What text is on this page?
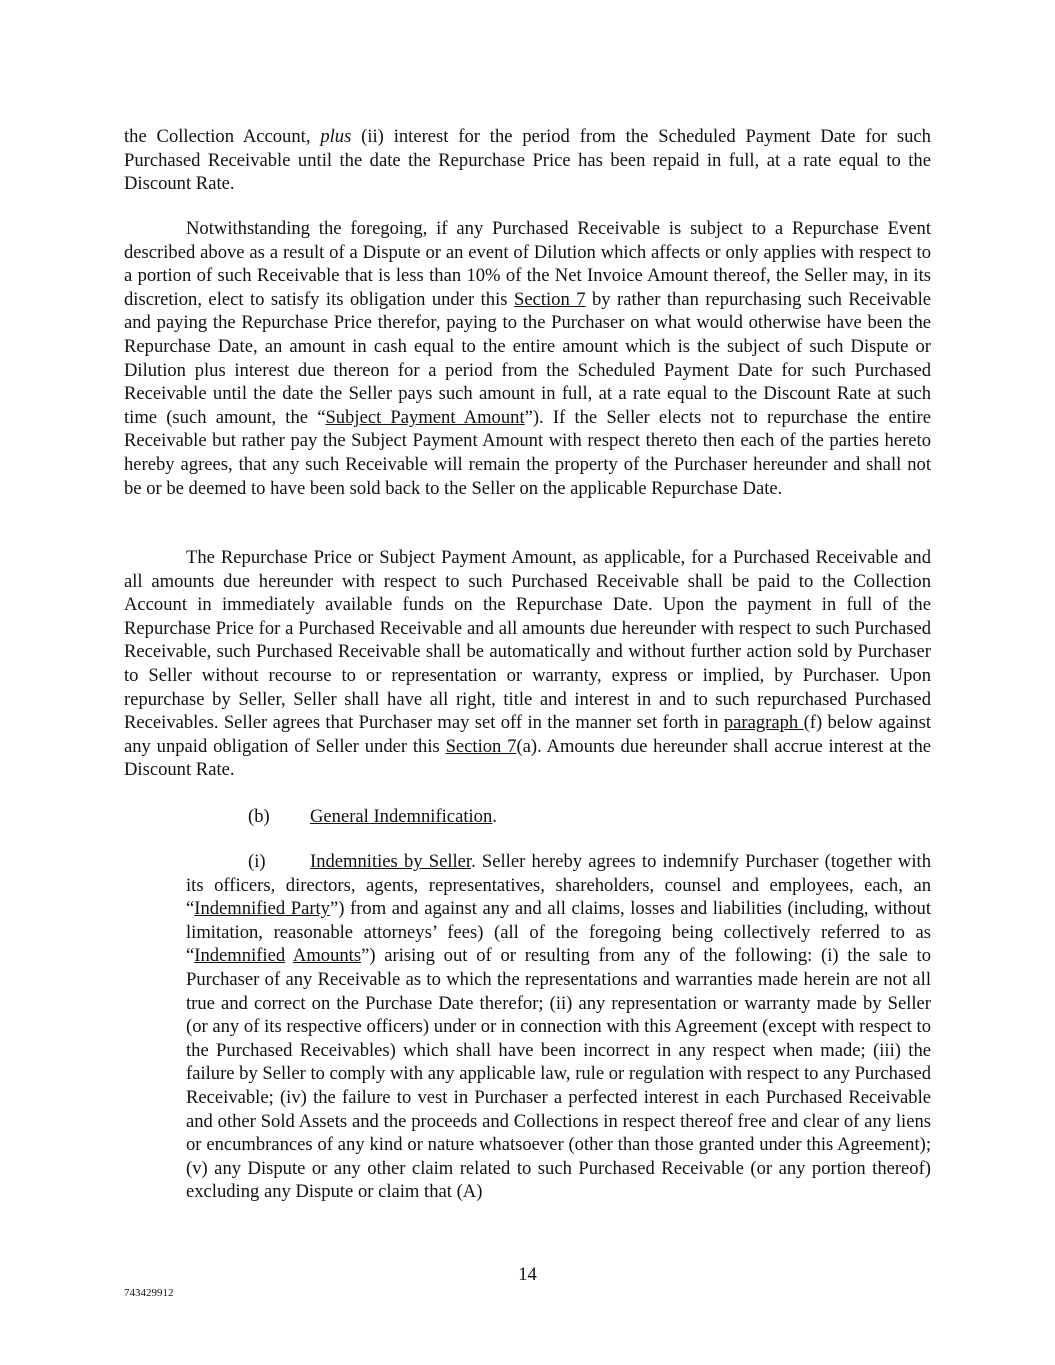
the Collection Account, plus (ii) interest for the period from the Scheduled Payment Date for such Purchased Receivable until the date the Repurchase Price has been repaid in full, at a rate equal to the Discount Rate.

Notwithstanding the foregoing, if any Purchased Receivable is subject to a Repurchase Event described above as a result of a Dispute or an event of Dilution which affects or only applies with respect to a portion of such Receivable that is less than 10% of the Net Invoice Amount thereof, the Seller may, in its discretion, elect to satisfy its obligation under this Section 7 by rather than repurchasing such Receivable and paying the Repurchase Price therefor, paying to the Purchaser on what would otherwise have been the Repurchase Date, an amount in cash equal to the entire amount which is the subject of such Dispute or Dilution plus interest due thereon for a period from the Scheduled Payment Date for such Purchased Receivable until the date the Seller pays such amount in full, at a rate equal to the Discount Rate at such time (such amount, the “Subject Payment Amount”). If the Seller elects not to repurchase the entire Receivable but rather pay the Subject Payment Amount with respect thereto then each of the parties hereto hereby agrees, that any such Receivable will remain the property of the Purchaser hereunder and shall not be or be deemed to have been sold back to the Seller on the applicable Repurchase Date.

The Repurchase Price or Subject Payment Amount, as applicable, for a Purchased Receivable and all amounts due hereunder with respect to such Purchased Receivable shall be paid to the Collection Account in immediately available funds on the Repurchase Date. Upon the payment in full of the Repurchase Price for a Purchased Receivable and all amounts due hereunder with respect to such Purchased Receivable, such Purchased Receivable shall be automatically and without further action sold by Purchaser to Seller without recourse to or representation or warranty, express or implied, by Purchaser. Upon repurchase by Seller, Seller shall have all right, title and interest in and to such repurchased Purchased Receivables. Seller agrees that Purchaser may set off in the manner set forth in paragraph (f) below against any unpaid obligation of Seller under this Section 7(a). Amounts due hereunder shall accrue interest at the Discount Rate.

(b) General Indemnification.

(i) Indemnities by Seller. Seller hereby agrees to indemnify Purchaser (together with its officers, directors, agents, representatives, shareholders, counsel and employees, each, an “Indemnified Party”) from and against any and all claims, losses and liabilities (including, without limitation, reasonable attorneys’ fees) (all of the foregoing being collectively referred to as “Indemnified Amounts”) arising out of or resulting from any of the following: (i) the sale to Purchaser of any Receivable as to which the representations and warranties made herein are not all true and correct on the Purchase Date therefor; (ii) any representation or warranty made by Seller (or any of its respective officers) under or in connection with this Agreement (except with respect to the Purchased Receivables) which shall have been incorrect in any respect when made; (iii) the failure by Seller to comply with any applicable law, rule or regulation with respect to any Purchased Receivable; (iv) the failure to vest in Purchaser a perfected interest in each Purchased Receivable and other Sold Assets and the proceeds and Collections in respect thereof free and clear of any liens or encumbrances of any kind or nature whatsoever (other than those granted under this Agreement); (v) any Dispute or any other claim related to such Purchased Receivable (or any portion thereof) excluding any Dispute or claim that (A)

14
743429912
